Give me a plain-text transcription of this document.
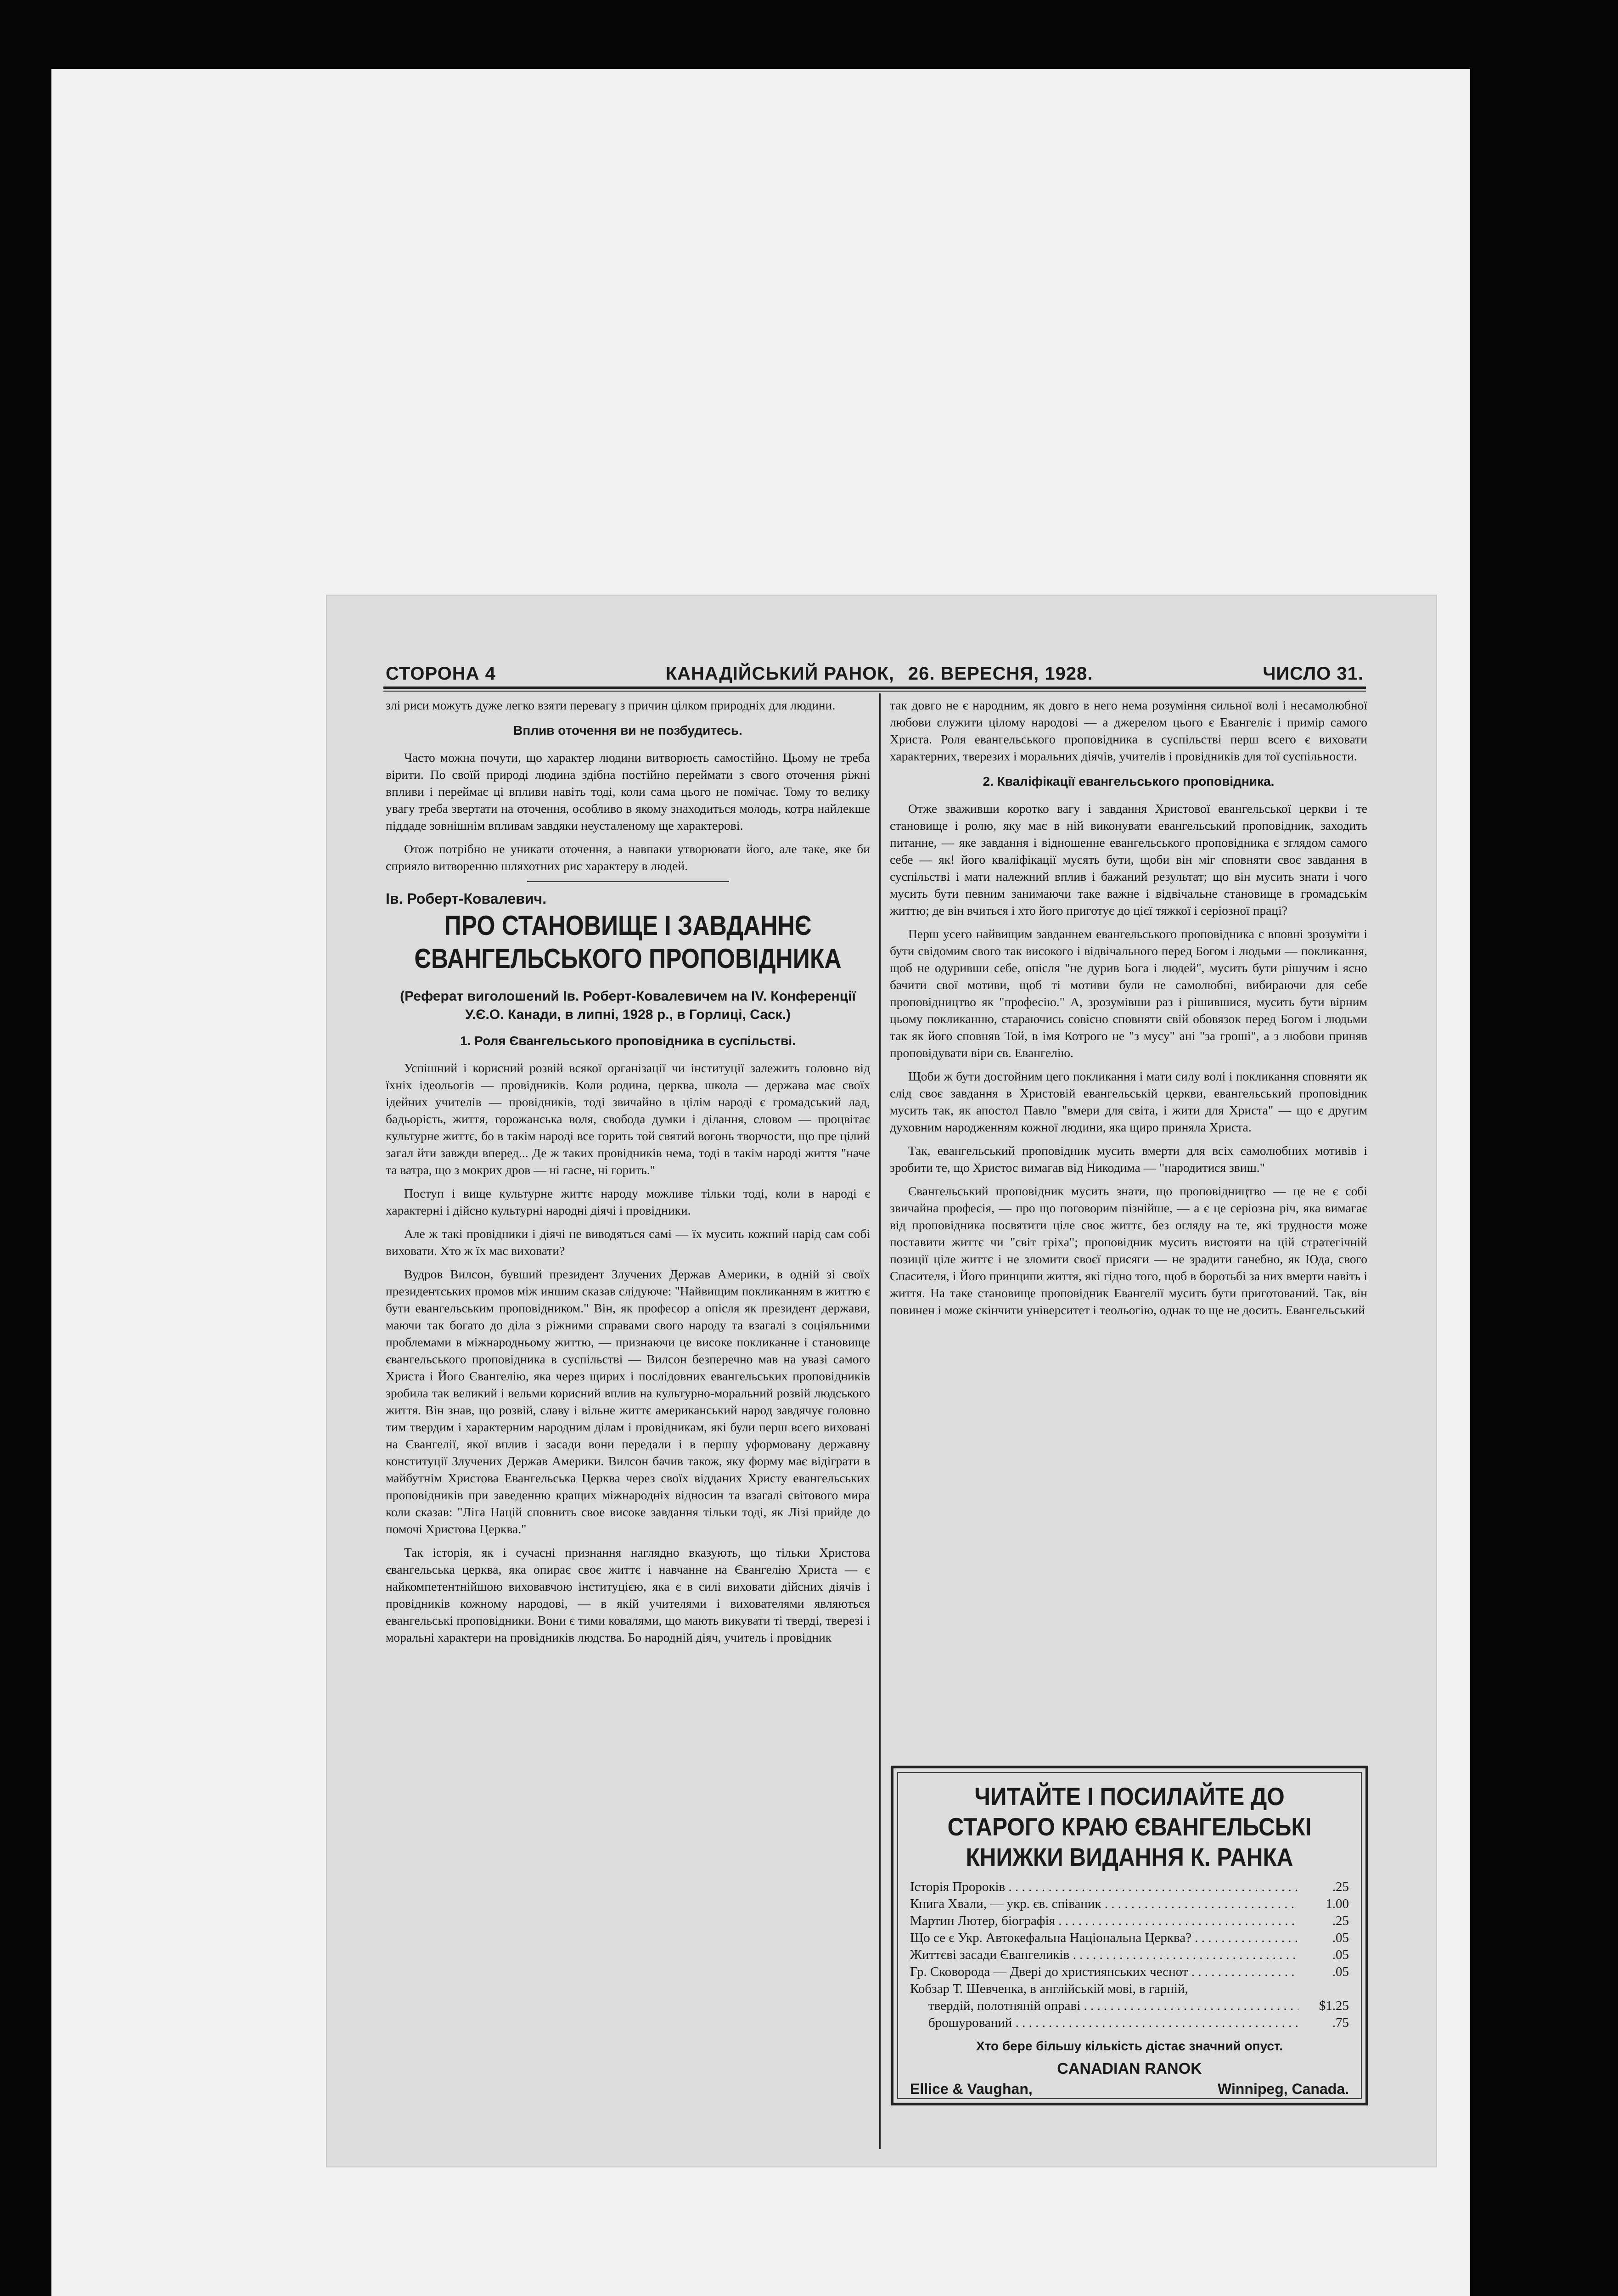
СТОРОНА 4	КАНАДІЙСЬКИЙ РАНОК, 26. ВЕРЕСНЯ, 1928.	ЧИСЛО 31.

злі риси можуть дуже легко взяти перевагу з причин цілком природніх для людини.

Вплив оточення ви не позбудитесь.

Часто можна почути, що характер людини витворюєть самостійно. Цьому не треба вірити. По своїй природі людина здібна постійно переймати з свого оточення ріжні впливи і переймає ці впливи навіть тоді, коли сама цього не помічає. Тому то велику увагу треба звертати на оточення, особливо в якому знаходиться молодь, котра найлекше піддаде зовнішнім впливам завдяки неусталеному ще характерові.

Отож потрібно не уникати оточення, а навпаки утворювати його, але таке, яке би сприяло витворенню шляхотних рис характеру в людей.

Ів. Роберт-Ковалевич.
ПРО СТАНОВИЩЕ І ЗАВДАННЄ ЄВАНГЕЛЬСЬКОГО ПРОПОВІДНИКА
(Реферат виголошений Ів. Роберт-Ковалевичем на IV. Конференції У.Є.О. Канади, в липні, 1928 р., в Горлиці, Саск.)
1. Роля Євангельського проповідника в суспільстві.

Успішний і корисний розвій всякої організації чи інституції залежить головно від їхніх ідеольогів — провідників. Коли родина, церква, школа — держава має своїх ідейних учителів — провідників, тоді звичайно в цілім народі є громадський лад, бадьорість, життя, горожанська воля, свобода думки і ділання, словом — процвітає культурне життє, бо в такім народі все горить той святий вогонь творчости, що пре цілий загал йти завжди вперед... Де ж таких провідників нема, тоді в такім народі життя "наче та ватра, що з мокрих дров — ні гасне, ні горить."

Поступ і вище культурне життє народу можливе тільки тоді, коли в народі є характерні і дійсно культурні народні діячі і провідники.

Але ж такі провідники і діячі не виводяться самі — їх мусить кожний нарід сам собі виховати. Хто ж їх має виховати?

Вудров Вилсон, бувший президент Злучених Держав Америки, в одній зі своїх президентських промов між иншим сказав слідуюче: "Найвищим покликанням в життю є бути евангельським проповідником." Він, як професор а опісля як президент держави, маючи так богато до діла з ріжними справами свого народу та взагалі з соціяльними проблемами в міжнародньому життю, — признаючи це високе покликанне і становище євангельського проповідника в суспільстві — Вилсон безперечно мав на увазі самого Христа і Його Євангелію, яка через щирих і послідовних евангельських проповідників зробила так великий і вельми корисний вплив на культурно-моральний розвій людського життя. Він знав, що розвій, славу і вільне життє американський народ завдячує головно тим твердим і характерним народним ділам і провідникам, які були перш всего виховані на Євангелії, якої вплив і засади вони передали і в першу уформовану державну конституції Злучених Держав Америки. Вилсон бачив також, яку форму має відіграти в майбутнім Христова Евангельська Церква через своїх відданих Христу евангельських проповідників при заведенню кращих міжнародніх відносин та взагалі світового мира коли сказав: "Ліга Націй сповнить свое високе завдання тільки тоді, як Лізі прийде до помочі Христова Церква."

Так історія, як і сучасні признання наглядно вказують, що тільки Христова євангельська церква, яка опирає своє життє і навчанне на Євангелію Христа — є найкомпетентнійшою виховавчою інституцією, яка є в силі виховати дійсних діячів і провідників кожному народові, — в якій учителями і вихователями являються евангельські проповідники. Вони є тими ковалями, що мають викувати ті тверді, тверезі і моральні характери на провідників людства. Бо народній діяч, учитель і провідник

так довго не є народним, як довго в него нема розуміння сильної волі і несамолюбної любови служити цілому народові — а джерелом цього є Евангеліє і примір самого Христа. Роля евангельського проповідника в суспільстві перш всего є виховати характерних, тверезих і моральних діячів, учителів і провідників для тої суспільности.

2. Кваліфікації евангельського проповідника.

Отже зваживши коротко вагу і завдання Христової евангельської церкви і те становище і ролю, яку має в ній виконувати евангельський проповідник, заходить питанне, — яке завдання і відношенне евангельського проповідника є зглядом самого себе — як! його кваліфікації мусять бути, щоби він міг сповняти своє завдання в суспільстві і мати належний вплив і бажаний результат; що він мусить знати і чого мусить бути певним занимаючи таке важне і відвічальне становище в громадськім життю; де він вчиться і хто його приготує до цієї тяжкої і серіозної праці?

Перш усего найвищим завданнем евангельського проповідника є вповні зрозуміти і бути свідомим свого так високого і відвічального перед Богом і людьми — покликання, щоб не одуривши себе, опісля "не дурив Бога і людей", мусить бути рішучим і ясно бачити свої мотиви, щоб ті мотиви були не самолюбні, вибираючи для себе проповідництво як "професію." А, зрозумівши раз і рішившися, мусить бути вірним цьому покликанню, стараючись совісно сповняти свій обовязок перед Богом і людьми так як його сповняв Той, в імя Котрого не "з мусу" ані "за гроші", а з любови приняв проповідувати віри св. Евангелію.

Щоби ж бути достойним цего покликання і мати силу волі і покликання сповняти як слід своє завдання в Христовій евангельській церкви, евангельський проповідник мусить так, як апостол Павло "вмери для світа, і жити для Христа" — що є другим духовним народженням кожної людини, яка щиро приняла Христа.

Так, евангельський проповідник мусить вмерти для всіх самолюбних мотивів і зробити те, що Христос вимагав від Никодима — "народитися звиш."

Євангельський проповідник мусить знати, що проповідництво — це не є собі звичайна професія, — про що поговорим пізнійше, — а є це серіозна річ, яка вимагає від проповідника посвятити ціле своє життє, без огляду на те, які трудности може поставити життє чи "світ гріха"; проповідник мусить вистояти на цій стратегічній позиції ціле життє і не зломити своєї присяги — не зрадити ганебно, як Юда, свого Спасителя, і Його принципи життя, які гідно того, щоб в боротьбі за них вмерти навіть і життя. На таке становище проповідник Евангелії мусить бути приготований. Так, він повинен і може скінчити університет і теольогію, однак то ще не досить. Евангельський

ЧИТАЙТЕ І ПОСИЛАЙТЕ ДО СТАРОГО КРАЮ ЄВАНГЕЛЬСЬКІ КНИЖКИ ВИДАННЯ К. РАНКА
Історія Пророків . . .	.25
Книга Хвали, — укр. єв. співаник . . .	1.00
Мартин Лютер, біографія . . .	.25
Що се є Укр. Автокефальна Національна Церква? . . .	.05
Життєві засади Євангеликів . . .	.05
Гр. Сковорода — Двері до християнських чеснот . . .	.05
Кобзар Т. Шевченка, в англійській мові, в гарній,
твердій, полотняній оправі . . .	$1.25
брошурований . . .	.75
Хто бере більшу кількість дістає значний опуст.
CANADIAN RANOK
Ellice & Vaughan,	Winnipeg, Canada.
